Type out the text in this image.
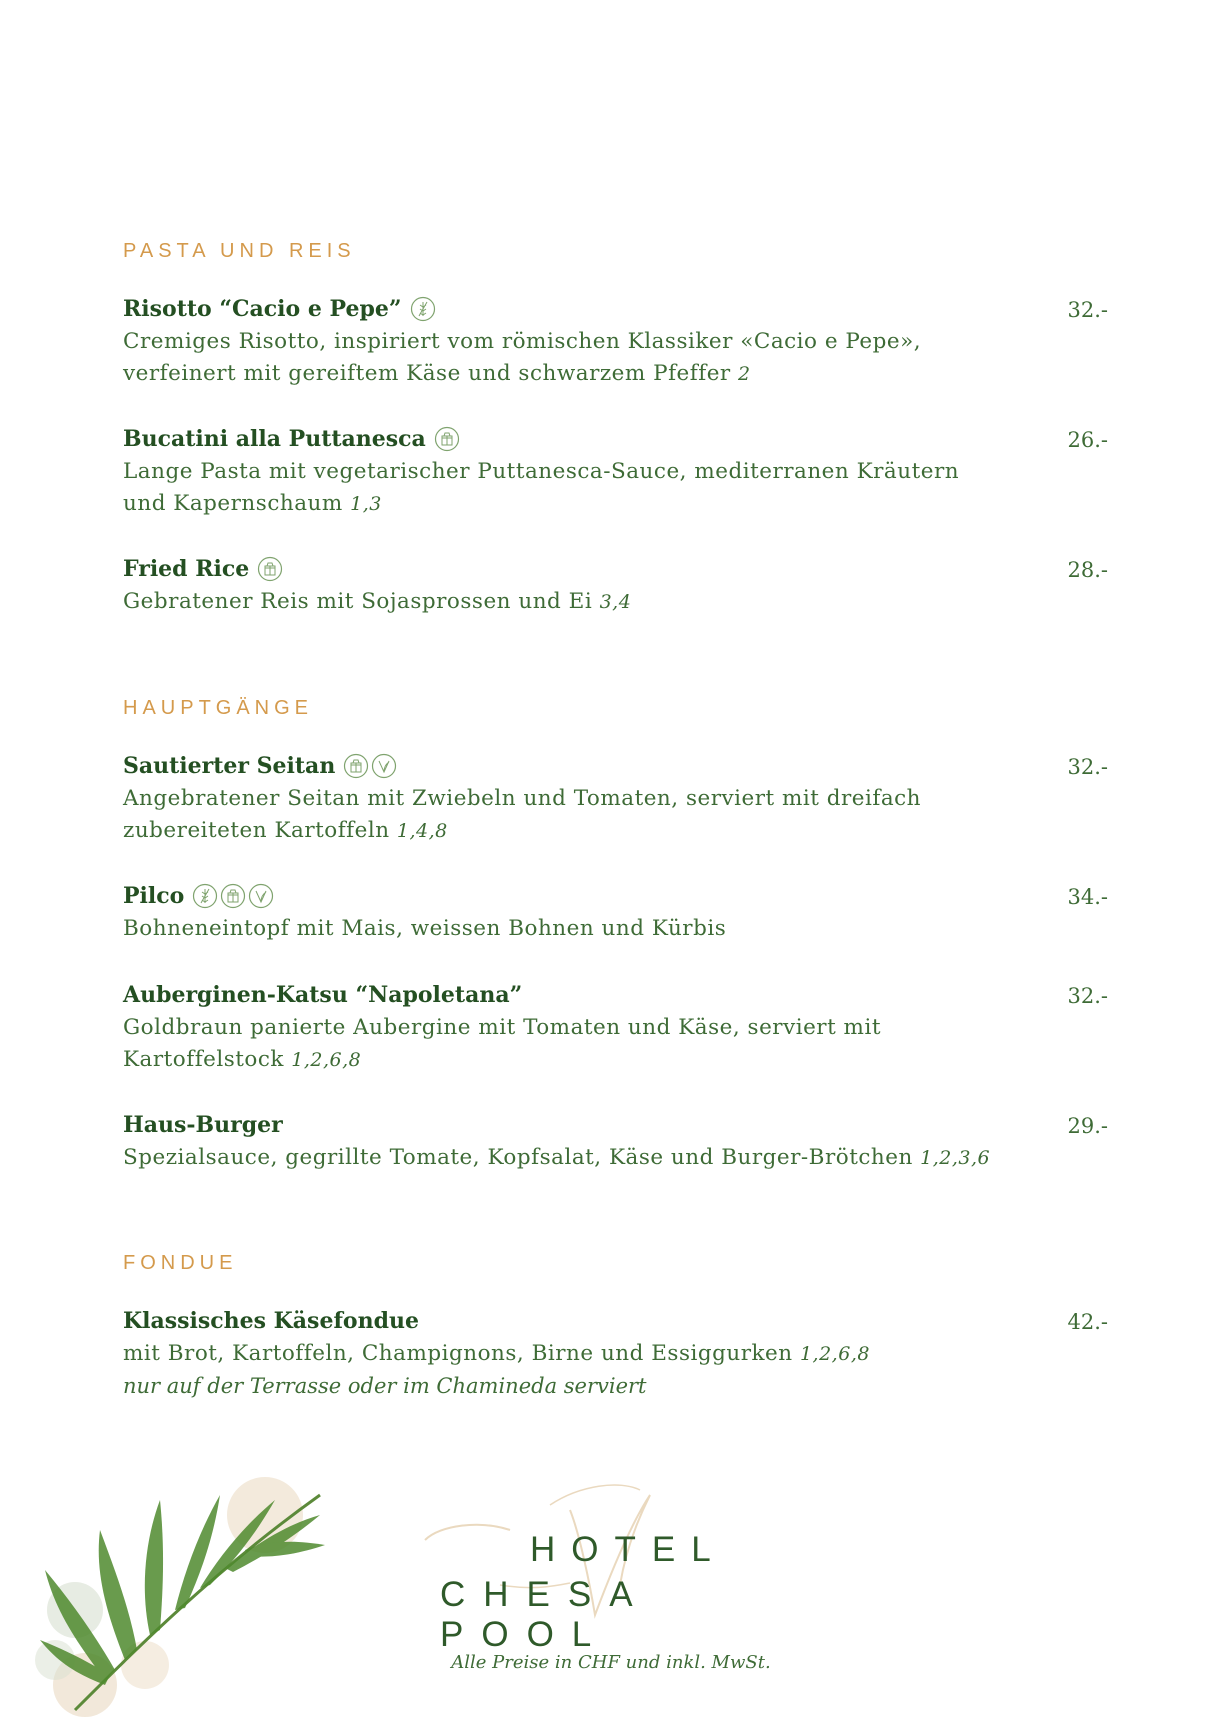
PASTA UND REIS
Risotto “Cacio e Pepe”	32.-
Cremiges Risotto, inspiriert vom römischen Klassiker «Cacio e Pepe»,
verfeinert mit gereiftem Käse und schwarzem Pfeffer 2
Bucatini alla Puttanesca	26.-
Lange Pasta mit vegetarischer Puttanesca-Sauce, mediterranen Kräutern
und Kapernschaum 1,3
Fried Rice	28.-
Gebratener Reis mit Sojasprossen und Ei 3,4
HAUPTGÄNGE
Sautierter Seitan	32.-
Angebratener Seitan mit Zwiebeln und Tomaten, serviert mit dreifach
zubereiteten Kartoffeln 1,4,8
Pilco	34.-
Bohneneintopf mit Mais, weissen Bohnen und Kürbis
Auberginen-Katsu “Napoletana”	32.-
Goldbraun panierte Aubergine mit Tomaten und Käse, serviert mit
Kartoffelstock 1,2,6,8
Haus-Burger	29.-
Spezialsauce, gegrillte Tomate, Kopfsalat, Käse und Burger-Brötchen 1,2,3,6
FONDUE
Klassisches Käsefondue	42.-
mit Brot, Kartoffeln, Champignons, Birne und Essiggurken 1,2,6,8
nur auf der Terrasse oder im Chamineda serviert

HOTEL

CHESA POOL

Alle Preise in CHF und inkl. MwSt.
